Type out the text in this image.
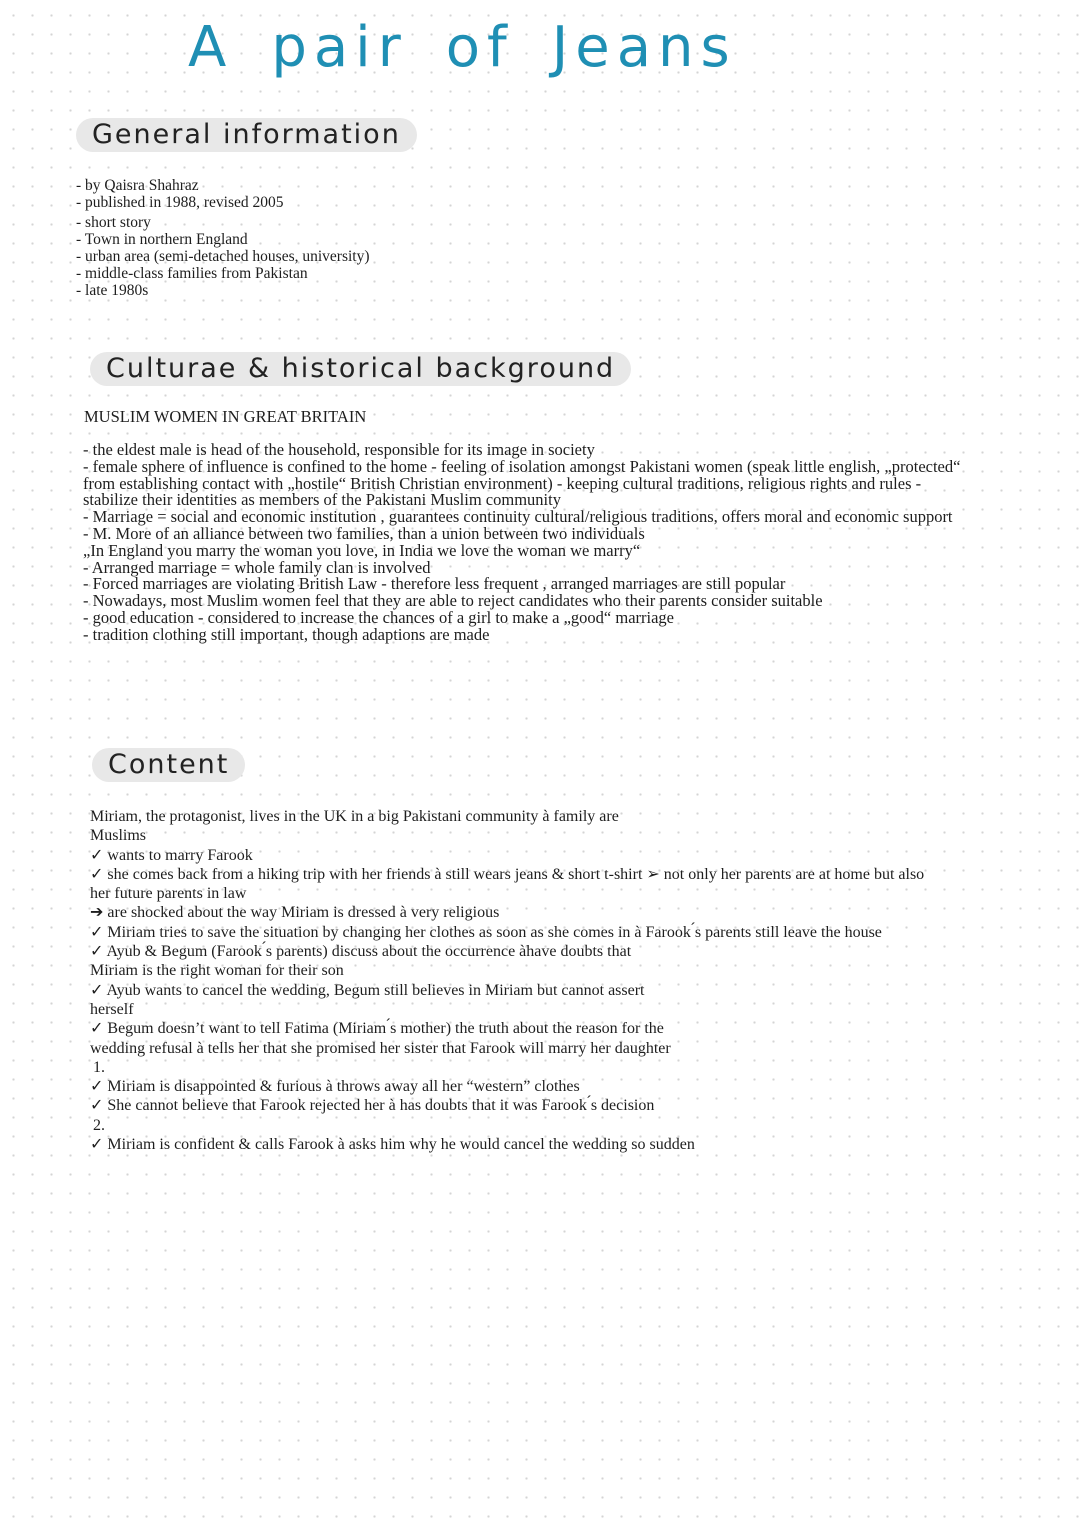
A pair of Jeans
General information
- by Qaisra Shahraz
- published in 1988, revised 2005
- short story
- Town in northern England
- urban area (semi-detached houses, university)
- middle-class families from Pakistan
- late 1980s
Culturae & historical background
MUSLIM WOMEN IN GREAT BRITAIN
- the eldest male is head of the household, responsible for its image in society
- female sphere of influence is confined to the home - feeling of isolation amongst Pakistani women (speak little english, „protected“ from establishing contact with „hostile“ British Christian environment) - keeping cultural traditions, religious rights and rules - stabilize their identities as members of the Pakistani Muslim community
- Marriage = social and economic institution , guarantees continuity cultural/religious traditions, offers moral and economic support
- M. More of an alliance between two families, than a union between two individuals
„In England you marry the woman you love, in India we love the woman we marry“
- Arranged marriage = whole family clan is involved
- Forced marriages are violating British Law - therefore less frequent , arranged marriages are still popular
- Nowadays, most Muslim women feel that they are able to reject candidates who their parents consider suitable
- good education - considered to increase the chances of a girl to make a „good“ marriage
- tradition clothing still important, though adaptions are made
Content
Miriam, the protagonist, lives in the UK in a big Pakistani community à family are
Muslims
✓ wants to marry Farook
✓ she comes back from a hiking trip with her friends à still wears jeans & short t-shirt ➢ not only her parents are at home but also
her future parents in law
➔ are shocked about the way Miriam is dressed à very religious
✓ Miriam tries to save the situation by changing her clothes as soon as she comes in à Farook ́s parents still leave the house
✓ Ayub & Begum (Farook ́s parents) discuss about the occurrence àhave doubts that
Miriam is the right woman for their son
✓ Ayub wants to cancel the wedding, Begum still believes in Miriam but cannot assert
herself
✓ Begum doesn’t want to tell Fatima (Miriam ́s mother) the truth about the reason for the
wedding refusal à tells her that she promised her sister that Farook will marry her daughter
1.
✓ Miriam is disappointed & furious à throws away all her “western” clothes
✓ She cannot believe that Farook rejected her à has doubts that it was Farook ́s decision
2.
✓ Miriam is confident & calls Farook à asks him why he would cancel the wedding so sudden
